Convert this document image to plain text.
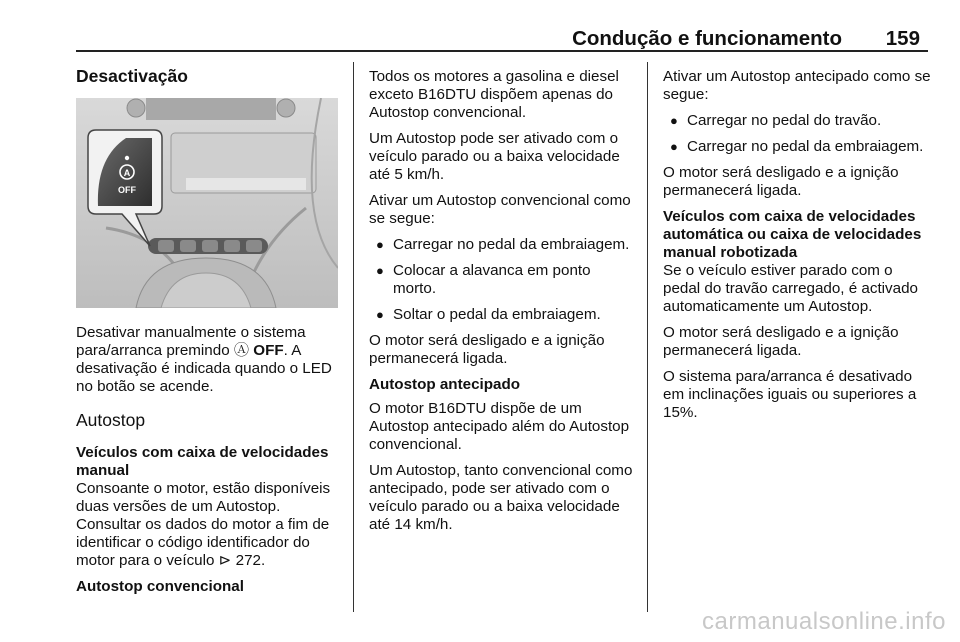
Condução e funcionamento 159
Desactivação
A
OFF

Desativar manualmente o sistema para/arranca premindo Ⓐ OFF. A desativação é indicada quando o LED no botão se acende.

Autostop
Veículos com caixa de velocidades manual

Consoante o motor, estão disponíveis duas versões de um Autostop. Consultar os dados do motor a fim de identificar o código identificador do motor para o veículo ⊳ 272.

Autostop convencional

Todos os motores a gasolina e diesel exceto B16DTU dispõem apenas do Autostop convencional.

Um Autostop pode ser ativado com o veículo parado ou a baixa velocidade até 5 km/h.

Ativar um Autostop convencional como se segue:

● Carregar no pedal da embraiagem.
● Colocar a alavanca em ponto morto.
● Soltar o pedal da embraiagem.

O motor será desligado e a ignição permanecerá ligada.

Autostop antecipado

O motor B16DTU dispõe de um Autostop antecipado além do Autostop convencional.

Um Autostop, tanto convencional como antecipado, pode ser ativado com o veículo parado ou a baixa velocidade até 14 km/h.

Ativar um Autostop antecipado como se segue:

● Carregar no pedal do travão.
● Carregar no pedal da embraiagem.

O motor será desligado e a ignição permanecerá ligada.

Veículos com caixa de velocidades automática ou caixa de velocidades manual robotizada

Se o veículo estiver parado com o pedal do travão carregado, é activado automaticamente um Autostop.

O motor será desligado e a ignição permanecerá ligada.

O sistema para/arranca é desativado em inclinações iguais ou superiores a 15%.

carmanualsonline.info
